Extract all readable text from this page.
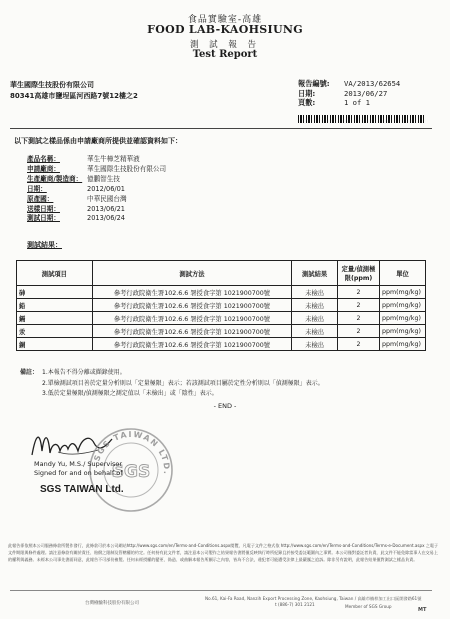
食品實驗室-高雄
FOOD LAB-KAOHSIUNG
測 試 報 告
Test Report
華生國際生技股份有限公司
80341高雄市鹽埕區河西路7號12樓之2
報告編號:	VA/2013/62654
日期:	2013/06/27
頁數:	1 of 1
以下測試之樣品係由申請廠商所提供並確認資料如下：
產品名稱：	華生牛樟芝精華液
申請廠商：	華生國際生技股份有限公司
生產廠商/製造商： 億鵬智生技
日期：	2012/06/01
原產國：	中華民國台灣
送樣日期：	2013/06/21
測試日期：	2013/06/24
測試結果：
測試項目	測試方法	測試結果	定量/偵測極限(ppm)	單位
砷	參考行政院衛生署102.6.6 署授食字第 1021900700號	未檢出	2	ppm(mg/kg)
鉛	參考行政院衛生署102.6.6 署授食字第 1021900700號	未檢出	2	ppm(mg/kg)
鎘	參考行政院衛生署102.6.6 署授食字第 1021900700號	未檢出	2	ppm(mg/kg)
汞	參考行政院衛生署102.6.6 署授食字第 1021900700號	未檢出	2	ppm(mg/kg)
銅	參考行政院衛生署102.6.6 署授食字第 1021900700號	未檢出	2	ppm(mg/kg)
備註： 1.本報告不得分離或擷錄使用。
2.單檢測試項目善於定量分析則以「定量極限」表示；若該測試項目屬於定性分析則以「偵測極限」表示。
3.低於定量極限/偵測極限之測定值以「未檢出」或「陰性」表示。
- END -
SGS TAIWAN LTD.
SGS
Mandy Yu, M.S./ Supervisor
Signed for and on behalf of
SGS TAIWAN Ltd.
此報告係依照本公司服務條款所製作發行，此條款可於本公司網站http://www.sgs.com/en/Terms-and-Conditions.aspx閱覽，凡電子文件之格式依 http://www.sgs.com/en/Terms-and-Conditions/Terms-e-Document.aspx 之電子文件期限與條件處理。請注意條款有關於責任、賠償之限制及管轄權的約定。任何持有此文件者，請注意本公司製作之結果報告書將僅反映執行時所紀錄且於接受委託範圍內之事實。本公司僅對委託者負責，此文件不能免除當事人在交易上的權利與義務。未經本公司事先書面同意，此報告不可部份複製。任何未經授權的變更、偽造、或曲解本報告所顯示之內容，皆為不合法，違犯者可能遭受法律上最嚴厲之追訴。除非另有說明，此報告結果僅對測試之樣品負責。
No.61, Kai-Fa Road, Nanzih Export Processing Zone, Kaohsiung, Taiwan / 高雄市楠梓加工出口區開發路61號
t (886-7) 301 2121
台灣檢驗科技股份有限公司
Member of SGS Group
MT
